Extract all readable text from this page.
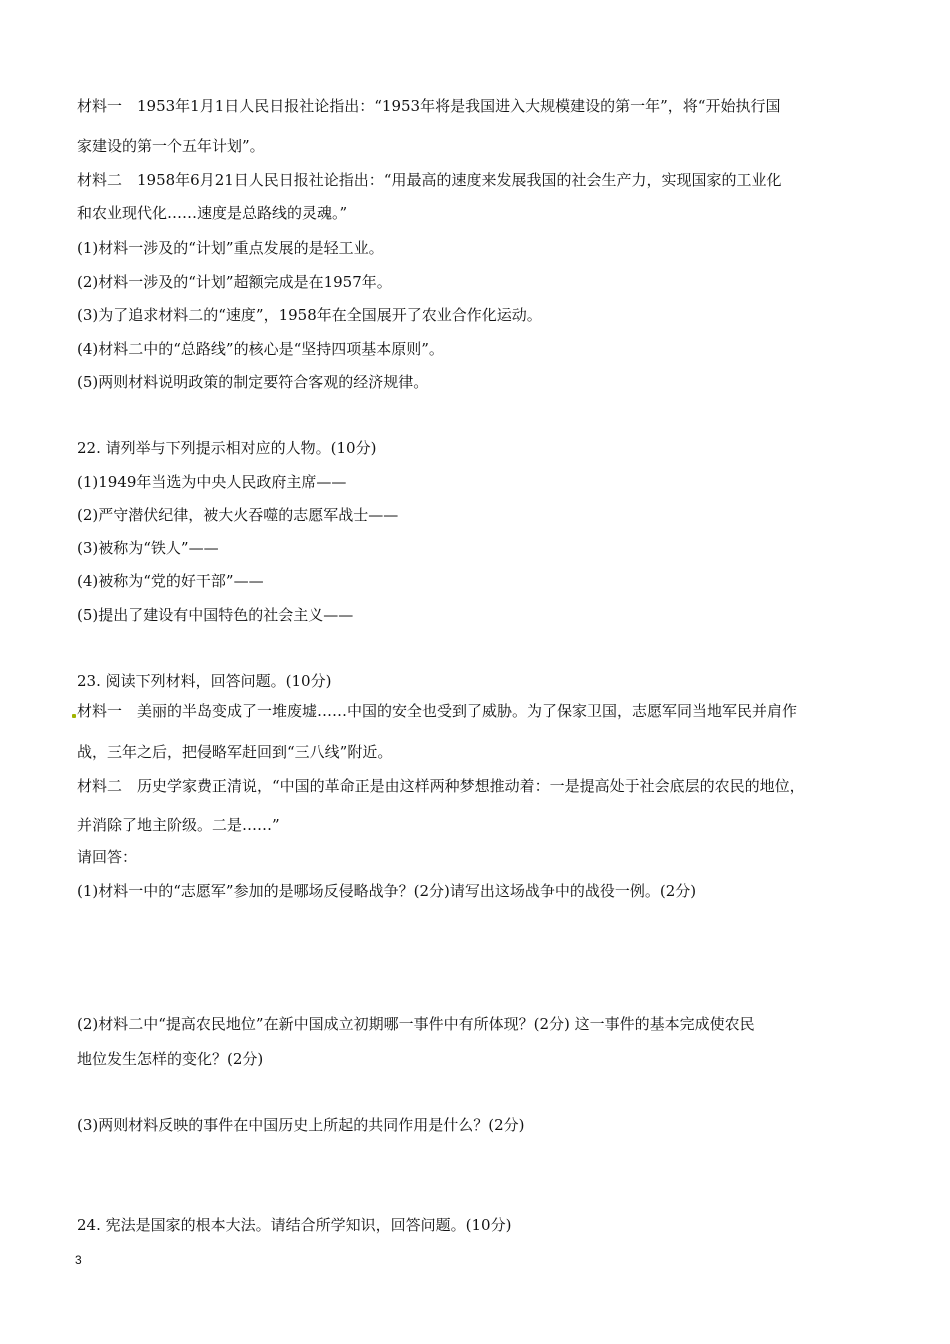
材料一　1953年1月1日人民日报社论指出：“1953年将是我国进入大规模建设的第一年”，将“开始执行国
家建设的第一个五年计划”。
材料二　1958年6月21日人民日报社论指出：“用最高的速度来发展我国的社会生产力，实现国家的工业化
和农业现代化……速度是总路线的灵魂。”
(1)材料一涉及的“计划”重点发展的是轻工业。
(2)材料一涉及的“计划”超额完成是在1957年。
(3)为了追求材料二的“速度”，1958年在全国展开了农业合作化运动。
(4)材料二中的“总路线”的核心是“坚持四项基本原则”。
(5)两则材料说明政策的制定要符合客观的经济规律。
22. 请列举与下列提示相对应的人物。(10分)
(1)1949年当选为中央人民政府主席——
(2)严守潜伏纪律，被大火吞噬的志愿军战士——
(3)被称为“铁人”——
(4)被称为“党的好干部”——
(5)提出了建设有中国特色的社会主义——
23. 阅读下列材料，回答问题。(10分)
材料一　美丽的半岛变成了一堆废墟……中国的安全也受到了威胁。为了保家卫国，志愿军同当地军民并肩作
战，三年之后，把侵略军赶回到“三八线”附近。
材料二　历史学家费正清说，“中国的革命正是由这样两种梦想推动着：一是提高处于社会底层的农民的地位，
并消除了地主阶级。二是……”
请回答：
(1)材料一中的“志愿军”参加的是哪场反侵略战争？(2分)请写出这场战争中的战役一例。(2分)
(2)材料二中“提高农民地位”在新中国成立初期哪一事件中有所体现？(2分) 这一事件的基本完成使农民
地位发生怎样的变化？(2分)
(3)两则材料反映的事件在中国历史上所起的共同作用是什么？(2分)
24. 宪法是国家的根本大法。请结合所学知识，回答问题。(10分)
3
